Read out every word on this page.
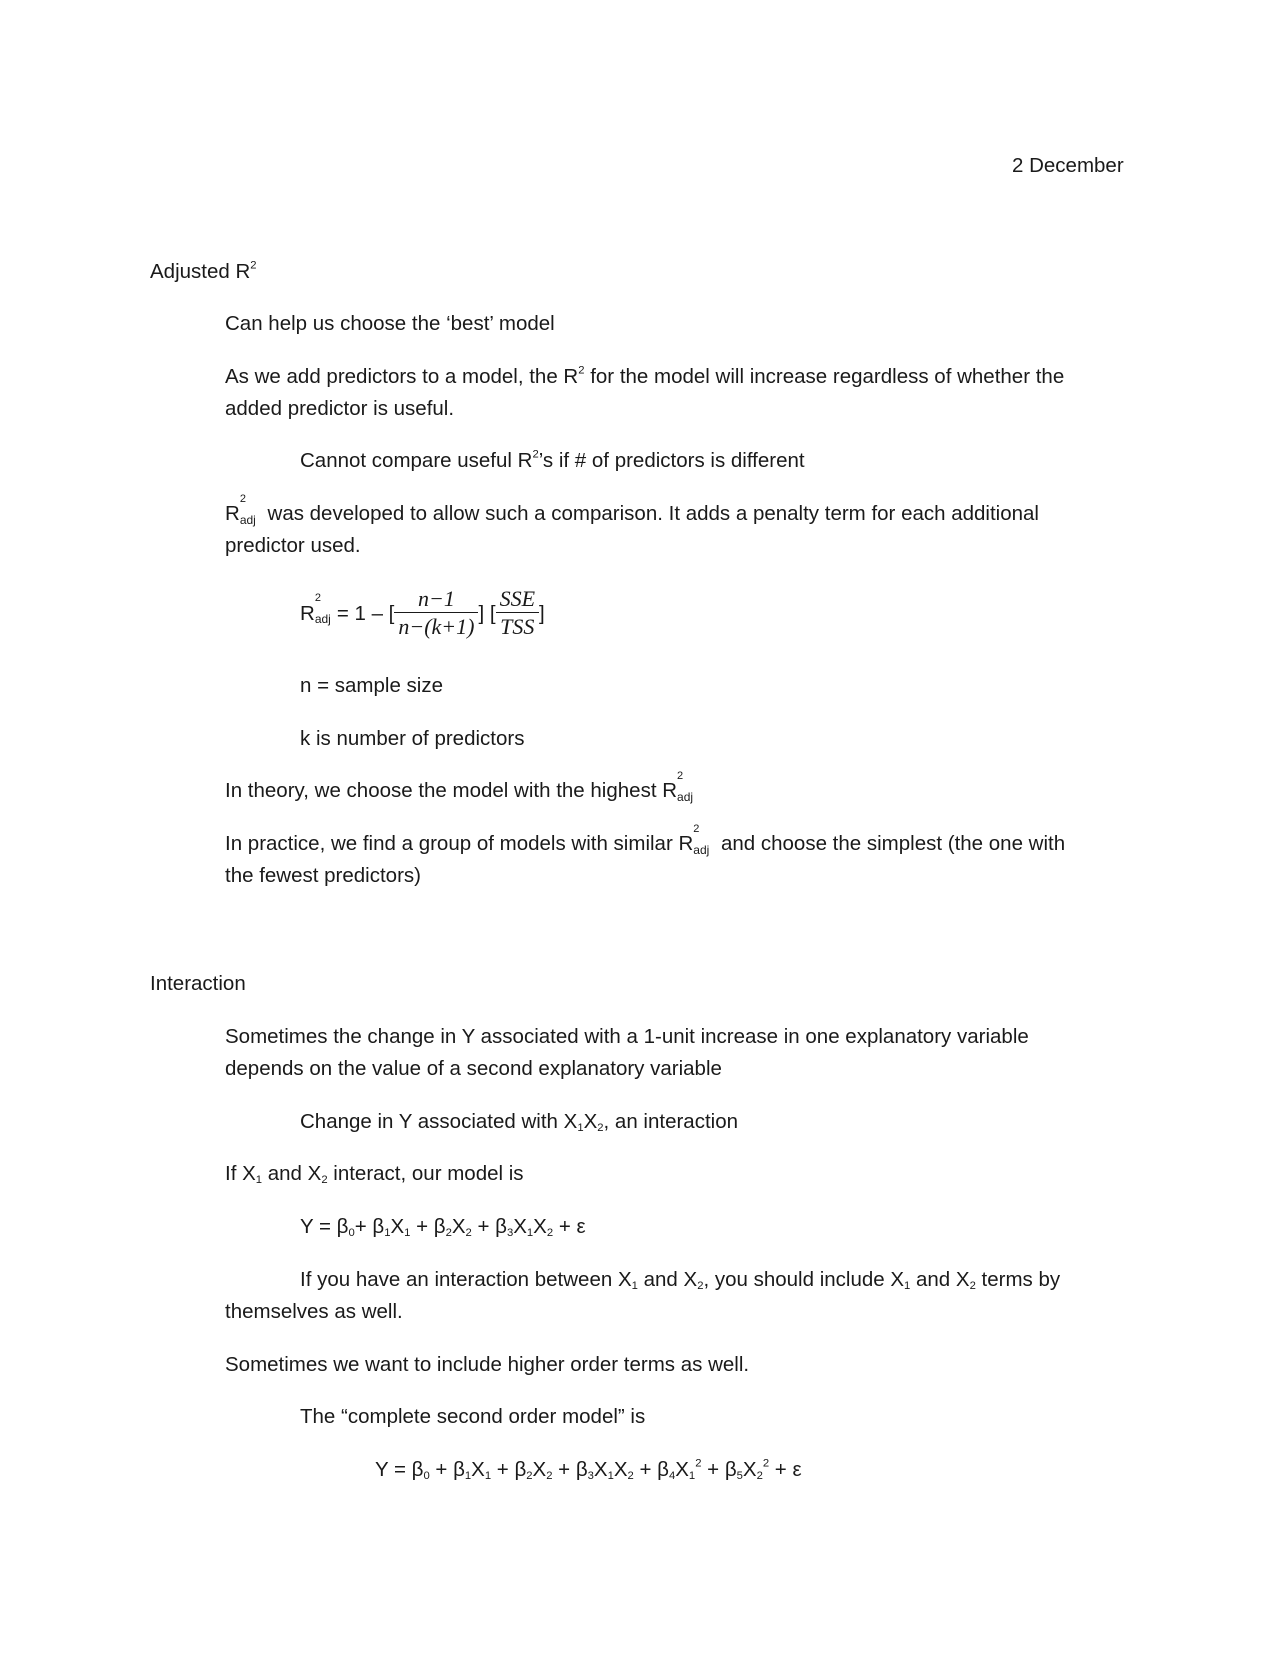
2 December

Adjusted $R^2$

Can help us choose the ‘best’ model

As we add predictors to a model, the $R^2$ for the model will increase regardless of whether the

added predictor is useful.

Cannot compare useful $R^2’s$ if # of predictors is different

R
2
adj was developed to allow such a comparison. It adds a penalty term for each additional

predictor used.

R
2
adj = 1 – [ $\frac{n-1}{n-(k+1)}$ ] [ $\frac{\text{SSE}}{\text{TSS}}$ ]

n = sample size

k is number of predictors

In theory, we choose the model with the highest R
2
adj

In practice, we find a group of models with similar R
2
adj and choose the simplest (the one with

the fewest predictors)

Interaction

Sometimes the change in Y associated with a 1-unit increase in one explanatory variable

depends on the value of a second explanatory variable

Change in Y associated with $X_1X_2$, an interaction

If $X_1$ and $X_2$ interact, our model is

$Y = \beta_0+ \beta_1X_1 + \beta_2X_2 + \beta_3X_1X_2 + \varepsilon$

If you have an interaction between $X_1$ and $X_2$, you should include $X_1$ and $X_2$ terms by

themselves as well.

Sometimes we want to include higher order terms as well.

The “complete second order model” is

$Y = \beta_0 + \beta_1X_1 + \beta_2X_2 + \beta_3X_1X_2 + \beta_4X_1^2 + \beta_5X_2^2 + \varepsilon$
